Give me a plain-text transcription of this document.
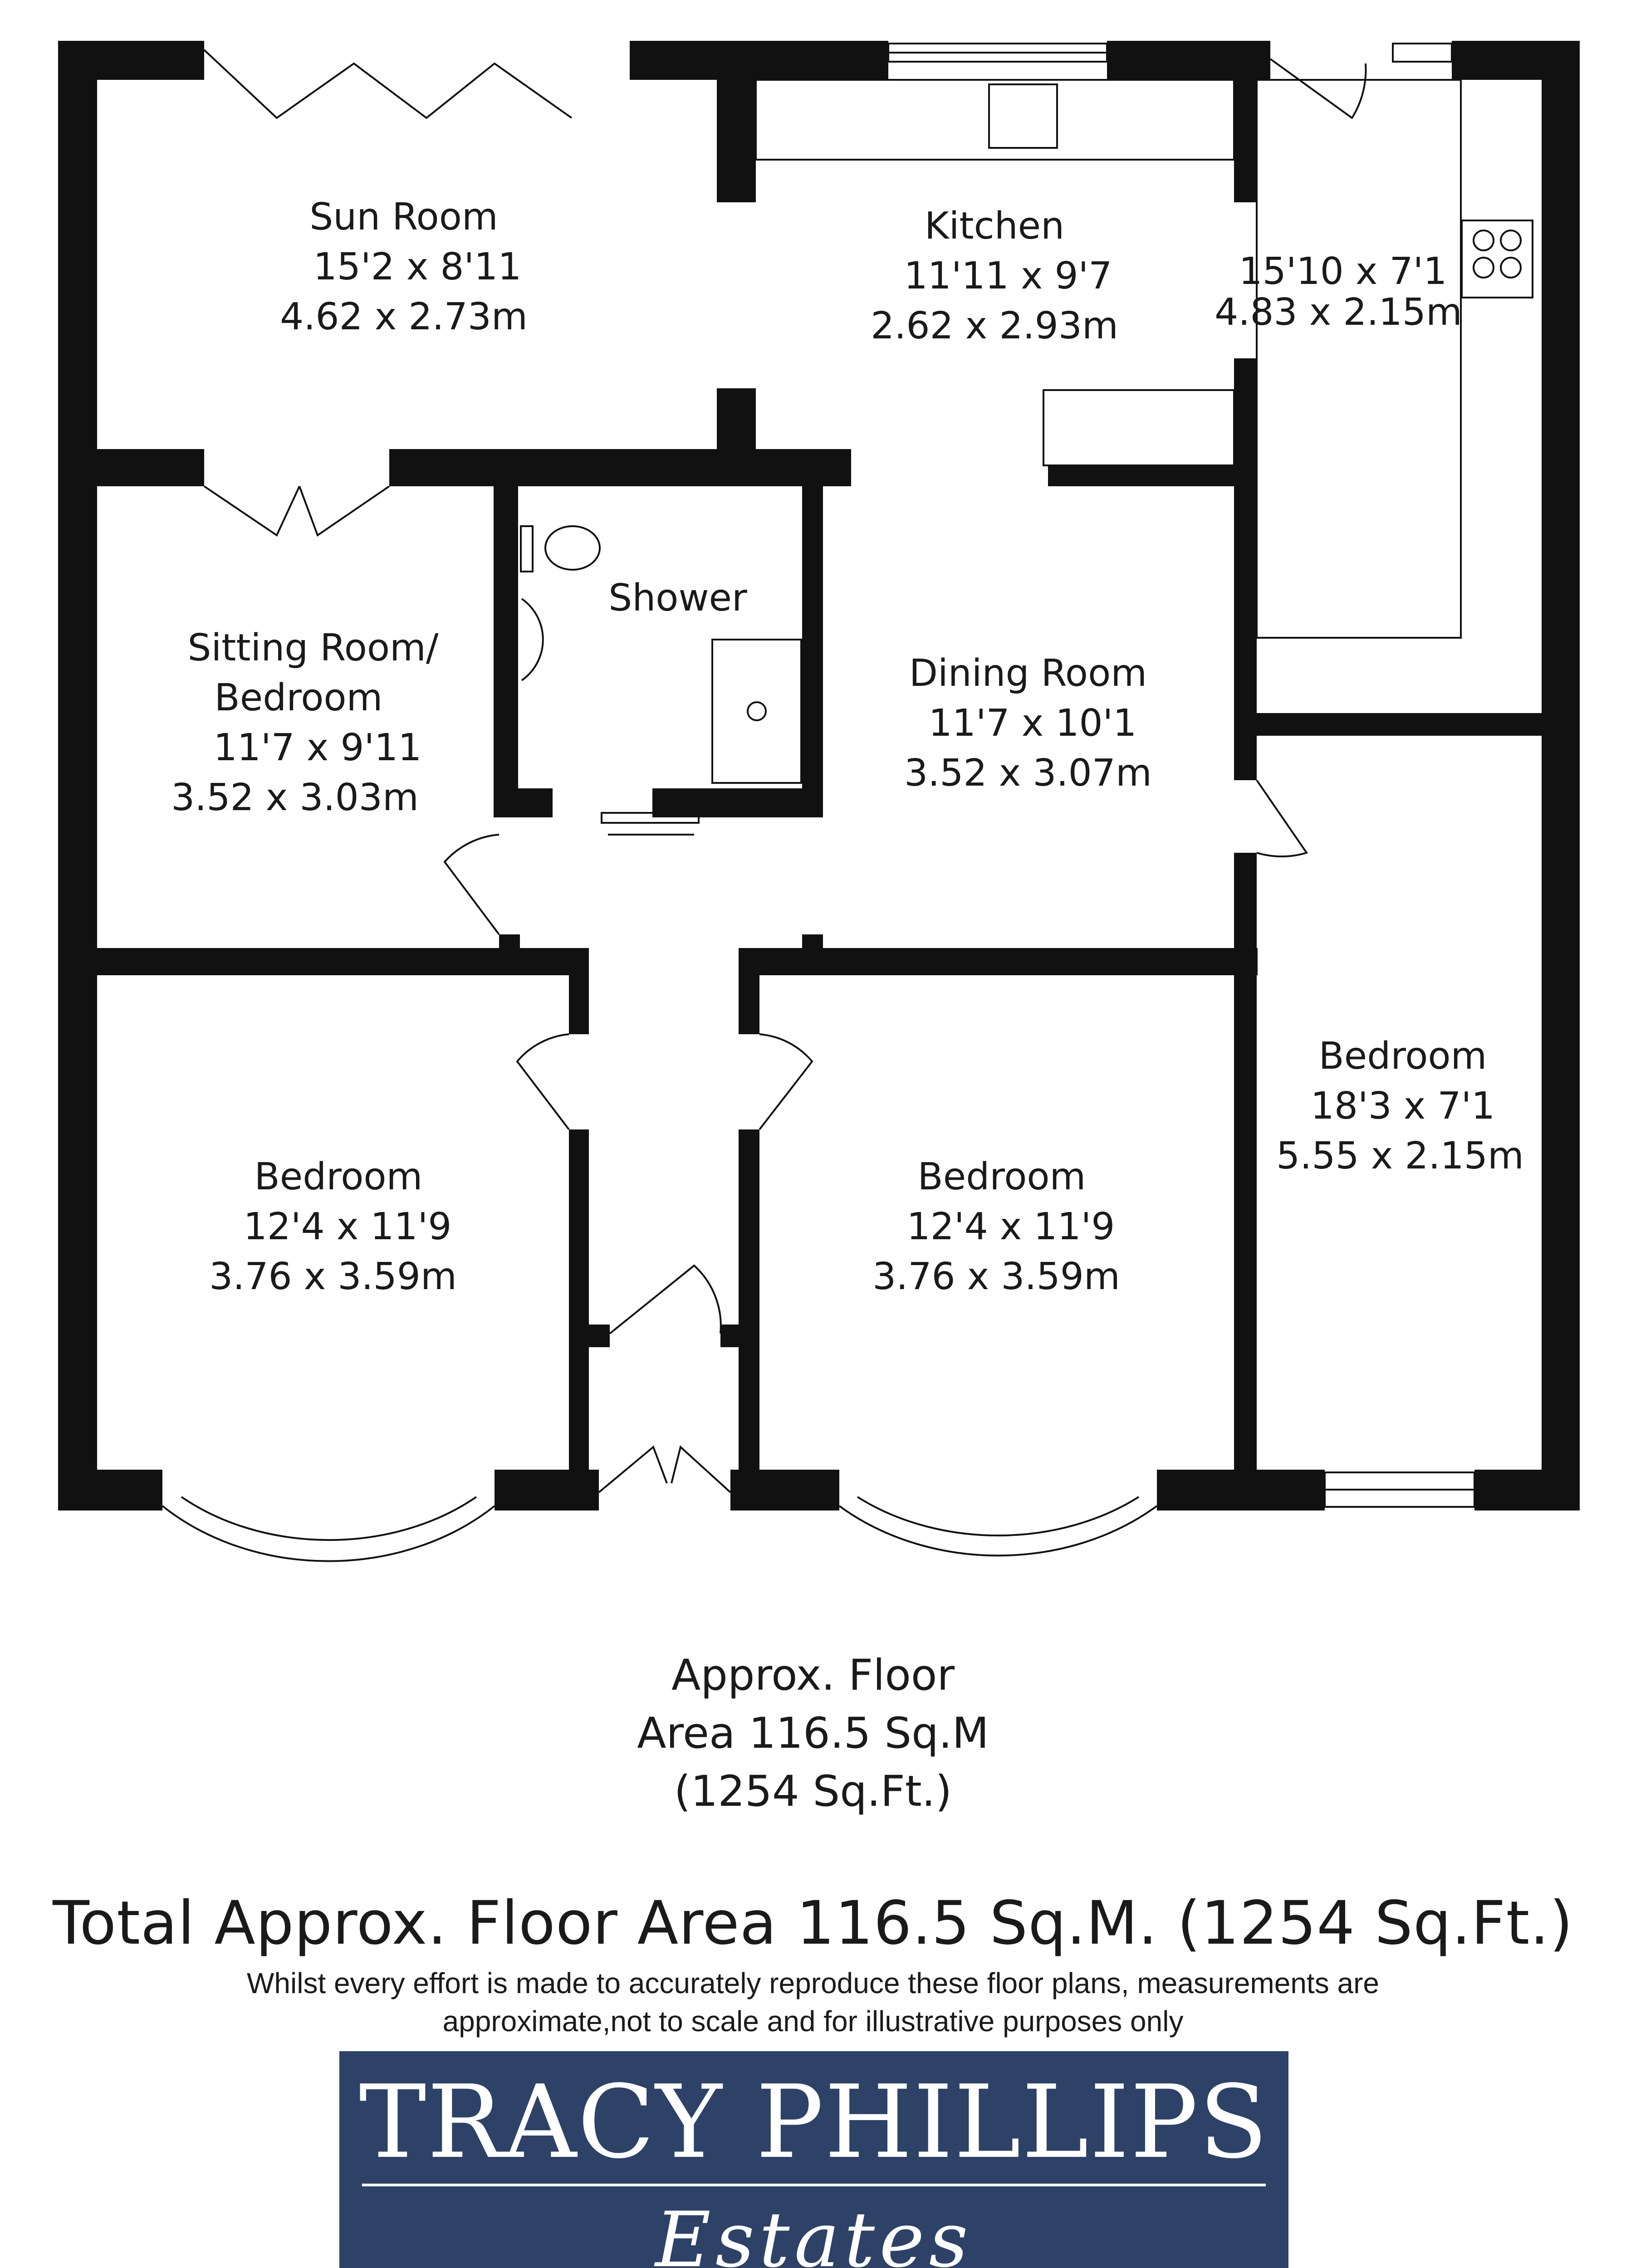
Sun Room
15'2 x 8'11
4.62 x 2.73m
Kitchen
11'11 x 9'7
2.62 x 2.93m
15'10 x 7'1
4.83 x 2.15m
Shower
Sitting Room/
Bedroom
11'7 x 9'11
3.52 x 3.03m
Dining Room
11'7 x 10'1
3.52 x 3.07m
Bedroom
18'3 x 7'1
5.55 x 2.15m
Bedroom
12'4 x 11'9
3.76 x 3.59m
Bedroom
12'4 x 11'9
3.76 x 3.59m
Approx. Floor
Area 116.5 Sq.M
(1254 Sq.Ft.)
Total Approx. Floor Area 116.5 Sq.M. (1254 Sq.Ft.)
Whilst every effort is made to accurately reproduce these floor plans, measurements are
approximate,not to scale and for illustrative purposes only
TRACY PHILLIPS
Estates
